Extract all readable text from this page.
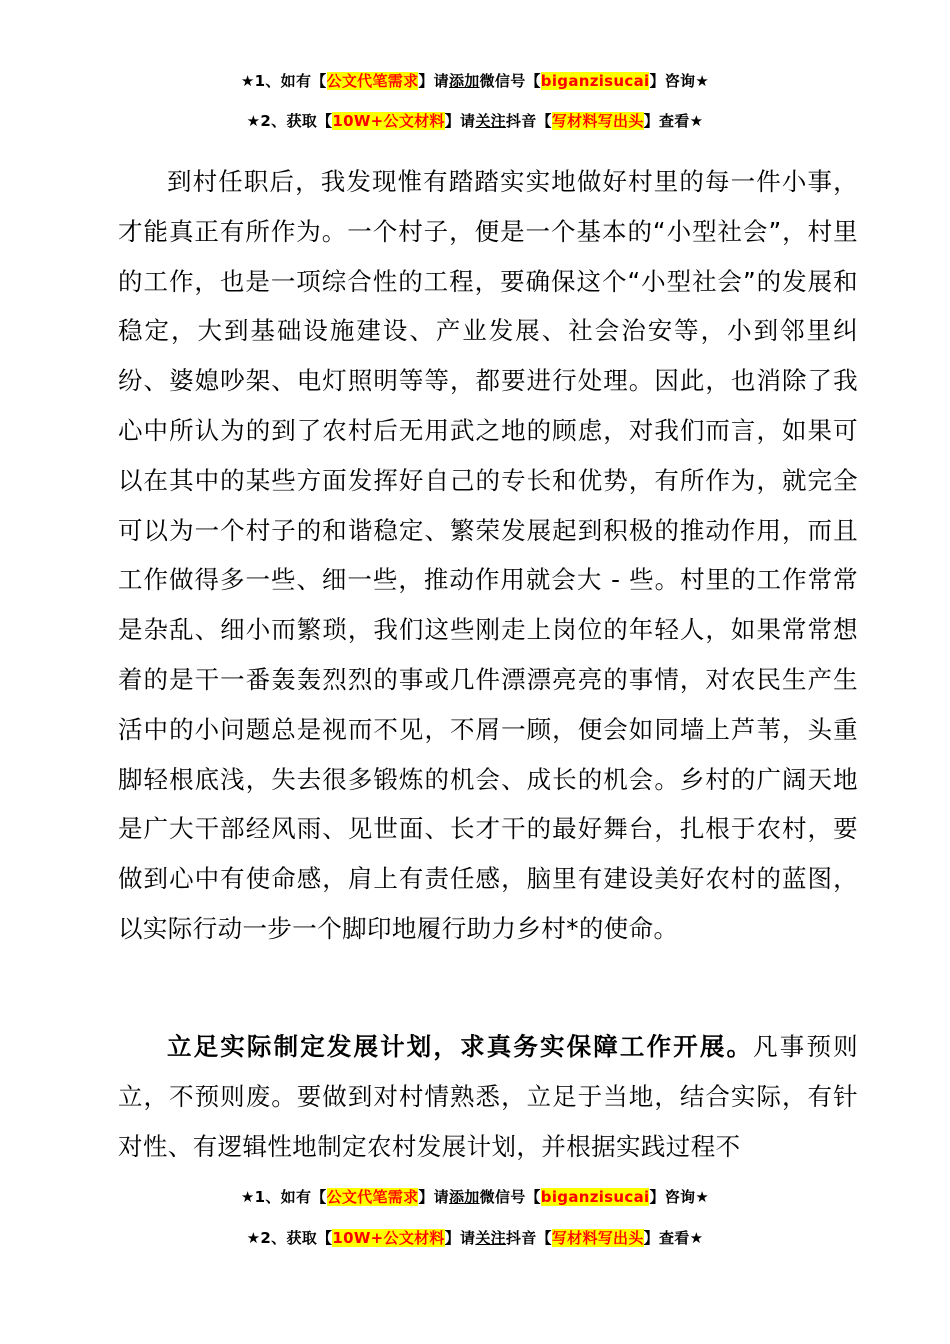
★1、如有【公文代笔需求】请添加微信号【biganzisucai】咨询★
★2、获取【10W+公文材料】请关注抖音【写材料写出头】查看★

到村任职后，我发现惟有踏踏实实地做好村里的每一件小事，才能真正有所作为。一个村子，便是一个基本的“小型社会”，村里的工作，也是一项综合性的工程，要确保这个“小型社会”的发展和稳定，大到基础设施建设、产业发展、社会治安等，小到邻里纠纷、婆媳吵架、电灯照明等等，都要进行处理。因此，也消除了我心中所认为的到了农村后无用武之地的顾虑，对我们而言，如果可以在其中的某些方面发挥好自己的专长和优势，有所作为，就完全可以为一个村子的和谐稳定、繁荣发展起到积极的推动作用，而且工作做得多一些、细一些，推动作用就会大 - 些。村里的工作常常是杂乱、细小而繁琐，我们这些刚走上岗位的年轻人，如果常常想着的是干一番轰轰烈烈的事或几件漂漂亮亮的事情，对农民生产生活中的小问题总是视而不见，不屑一顾，便会如同墙上芦苇，头重脚轻根底浅，失去很多锻炼的机会、成长的机会。乡村的广阔天地是广大干部经风雨、见世面、长才干的最好舞台，扎根于农村，要做到心中有使命感，肩上有责任感，脑里有建设美好农村的蓝图，以实际行动一步一个脚印地履行助力乡村*的使命。

立足实际制定发展计划，求真务实保障工作开展。凡事预则立，不预则废。要做到对村情熟悉，立足于当地，结合实际，有针对性、有逻辑性地制定农村发展计划，并根据实践过程不

★1、如有【公文代笔需求】请添加微信号【biganzisucai】咨询★
★2、获取【10W+公文材料】请关注抖音【写材料写出头】查看★
